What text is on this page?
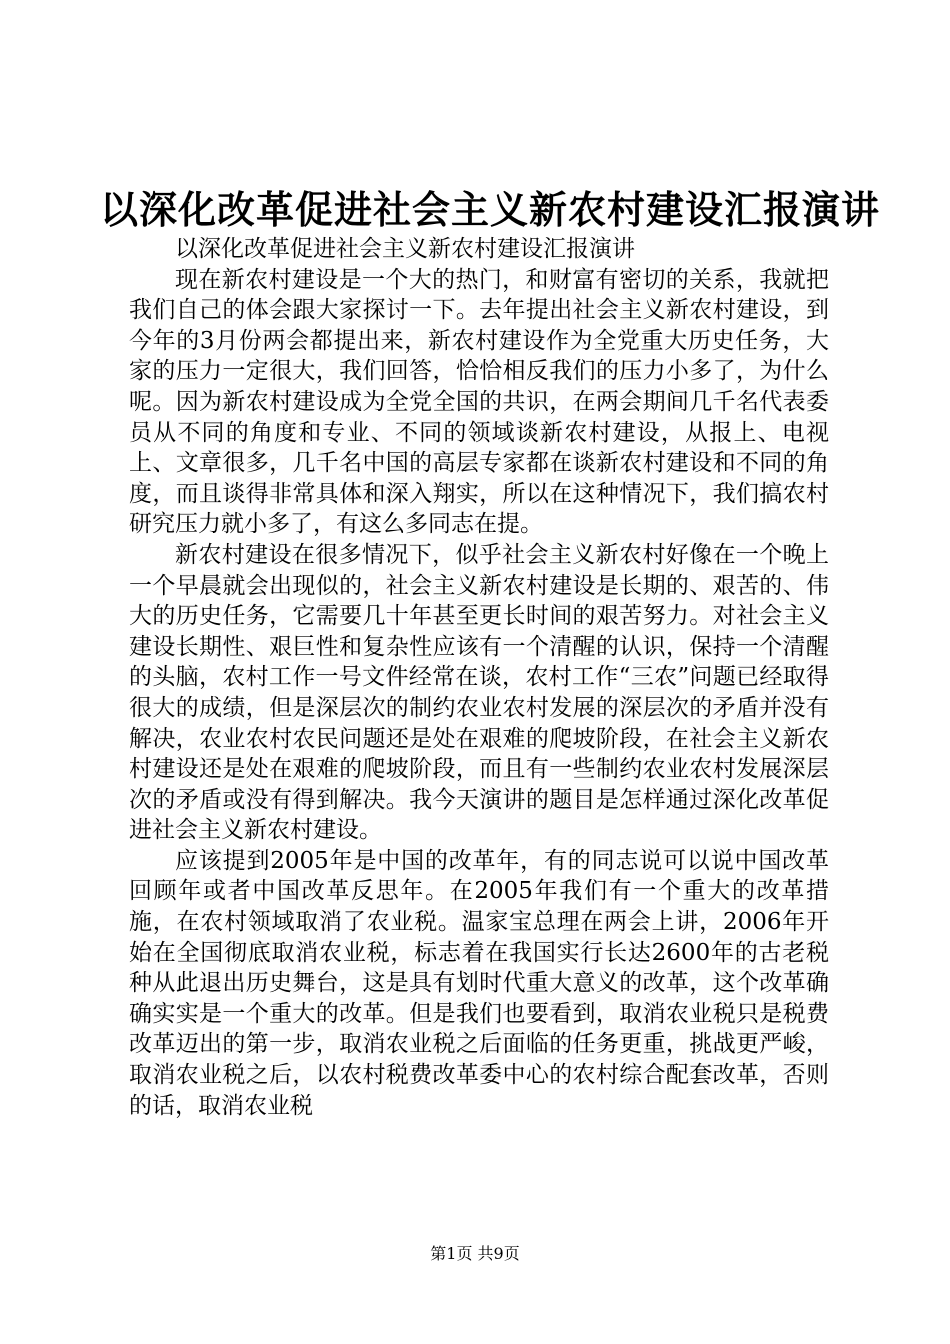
以深化改革促进社会主义新农村建设汇报演讲

以深化改革促进社会主义新农村建设汇报演讲

现在新农村建设是一个大的热门，和财富有密切的关系，我就把我们自己的体会跟大家探讨一下。去年提出社会主义新农村建设，到今年的3月份两会都提出来，新农村建设作为全党重大历史任务，大家的压力一定很大，我们回答，恰恰相反我们的压力小多了，为什么呢。因为新农村建设成为全党全国的共识，在两会期间几千名代表委员从不同的角度和专业、不同的领域谈新农村建设，从报上、电视上、文章很多，几千名中国的高层专家都在谈新农村建设和不同的角度，而且谈得非常具体和深入翔实，所以在这种情况下，我们搞农村研究压力就小多了，有这么多同志在提。

新农村建设在很多情况下，似乎社会主义新农村好像在一个晚上一个早晨就会出现似的，社会主义新农村建设是长期的、艰苦的、伟大的历史任务，它需要几十年甚至更长时间的艰苦努力。对社会主义建设长期性、艰巨性和复杂性应该有一个清醒的认识，保持一个清醒的头脑，农村工作一号文件经常在谈，农村工作“三农”问题已经取得很大的成绩，但是深层次的制约农业农村发展的深层次的矛盾并没有解决，农业农村农民问题还是处在艰难的爬坡阶段，在社会主义新农村建设还是处在艰难的爬坡阶段，而且有一些制约农业农村发展深层次的矛盾或没有得到解决。我今天演讲的题目是怎样通过深化改革促进社会主义新农村建设。

应该提到2005年是中国的改革年，有的同志说可以说中国改革回顾年或者中国改革反思年。在2005年我们有一个重大的改革措施，在农村领域取消了农业税。温家宝总理在两会上讲，2006年开始在全国彻底取消农业税，标志着在我国实行长达2600年的古老税种从此退出历史舞台，这是具有划时代重大意义的改革，这个改革确确实实是一个重大的改革。但是我们也要看到，取消农业税只是税费改革迈出的第一步，取消农业税之后面临的任务更重，挑战更严峻，取消农业税之后，以农村税费改革委中心的农村综合配套改革，否则的话，取消农业税

第1页 共9页
